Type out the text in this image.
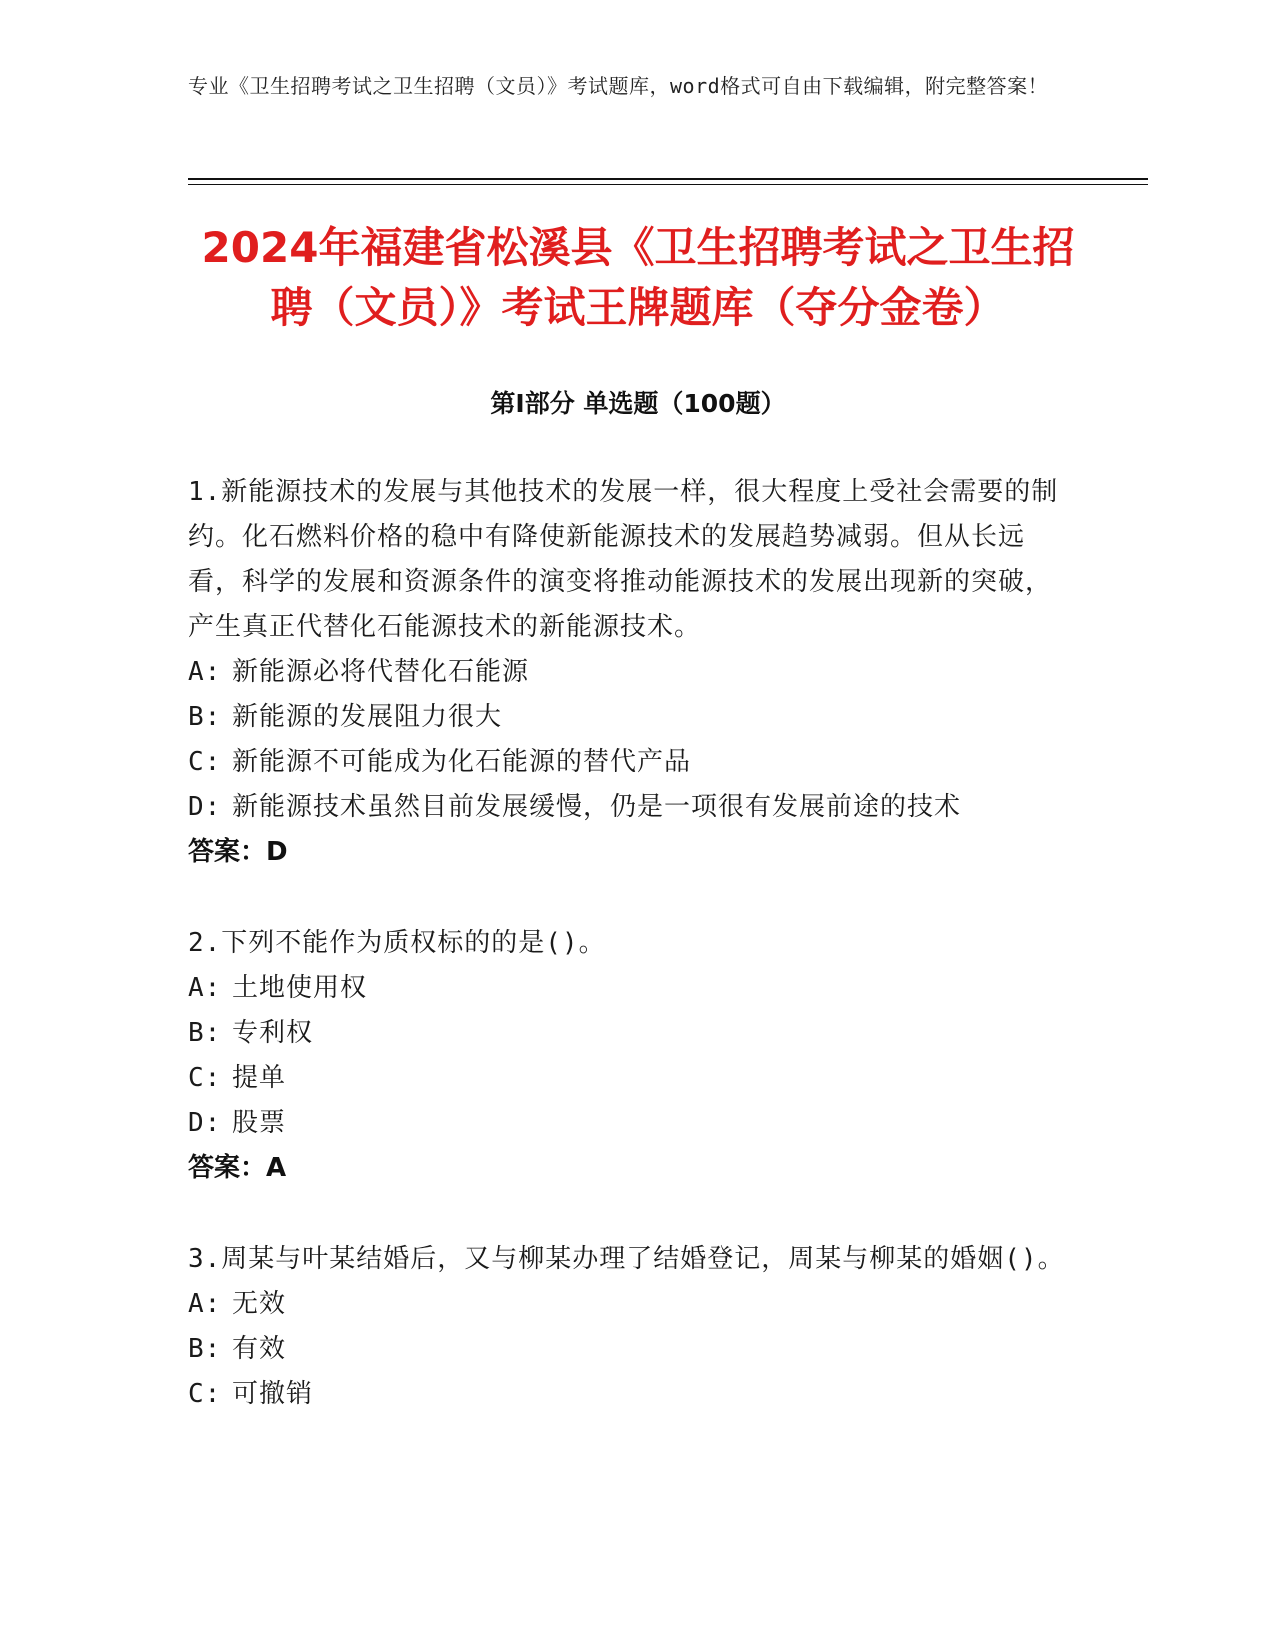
专业《卫生招聘考试之卫生招聘（文员）》考试题库，word格式可自由下载编辑，附完整答案！
2024年福建省松溪县《卫生招聘考试之卫生招聘（文员）》考试王牌题库（夺分金卷）
第I部分 单选题（100题）
1.新能源技术的发展与其他技术的发展一样，很大程度上受社会需要的制约。化石燃料价格的稳中有降使新能源技术的发展趋势减弱。但从长远看，科学的发展和资源条件的演变将推动能源技术的发展出现新的突破，产生真正代替化石能源技术的新能源技术。
A: 新能源必将代替化石能源
B: 新能源的发展阻力很大
C: 新能源不可能成为化石能源的替代产品
D: 新能源技术虽然目前发展缓慢，仍是一项很有发展前途的技术
答案：D
2.下列不能作为质权标的的是()。
A: 土地使用权
B: 专利权
C: 提单
D: 股票
答案：A
3.周某与叶某结婚后，又与柳某办理了结婚登记，周某与柳某的婚姻()。
A: 无效
B: 有效
C: 可撤销
